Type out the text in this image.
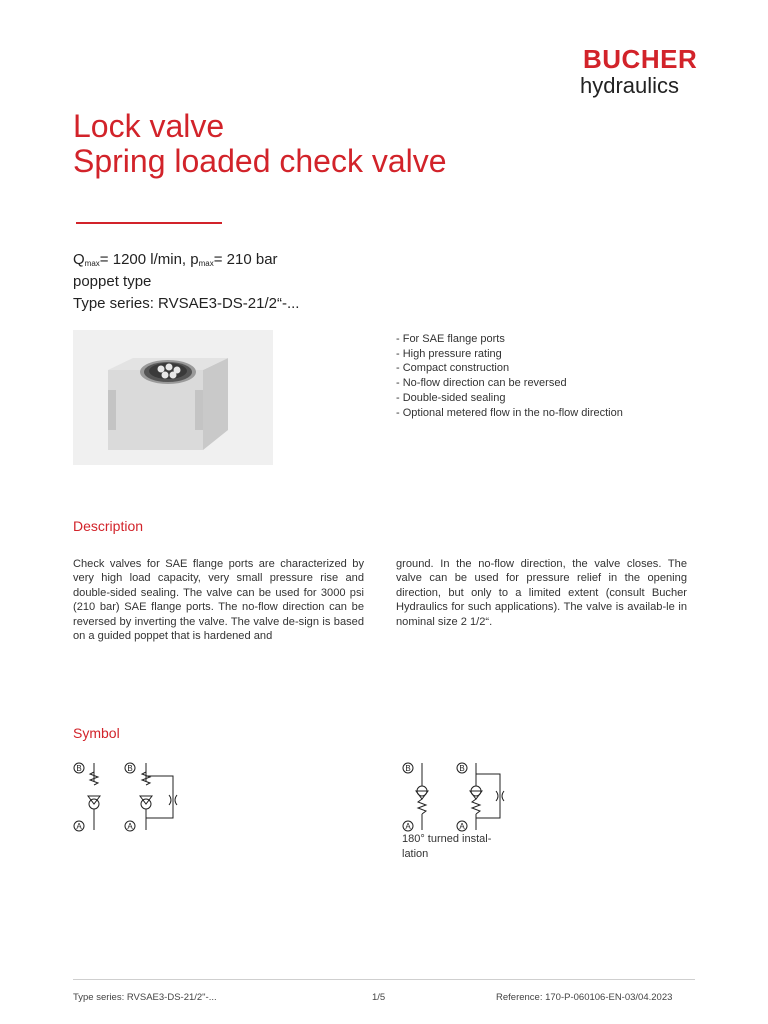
BUCHER
hydraulics
Lock valve
Spring loaded check valve
$Q_{max}= 1200$ l/min, $p_{max}= 210$ bar
poppet type
Type series: RVSAE3-DS-21/2“-...
- For SAE flange ports
- High pressure rating
- Compact construction
- No-flow direction can be reversed
- Double-sided sealing
- Optional metered flow in the no-flow direction
Description
Check valves for SAE flange ports are characterized by very high load capacity, very small pressure rise and double-sided sealing. The valve can be used for 3000 psi (210 bar) SAE flange ports. The no-flow direction can be reversed by inverting the valve. The valve de-sign is based on a guided poppet that is hardened and
ground. In the no-flow direction, the valve closes. The valve can be used for pressure relief in the opening direction, but only to a limited extent (consult Bucher Hydraulics for such applications). The valve is availab-le in nominal size 2 1/2“.
Symbol
B
A
B
A
B
A
B
A
180° turned instal-lation
Type series: RVSAE3-DS-21/2"-...	1/5	Reference: 170-P-060106-EN-03/04.2023
